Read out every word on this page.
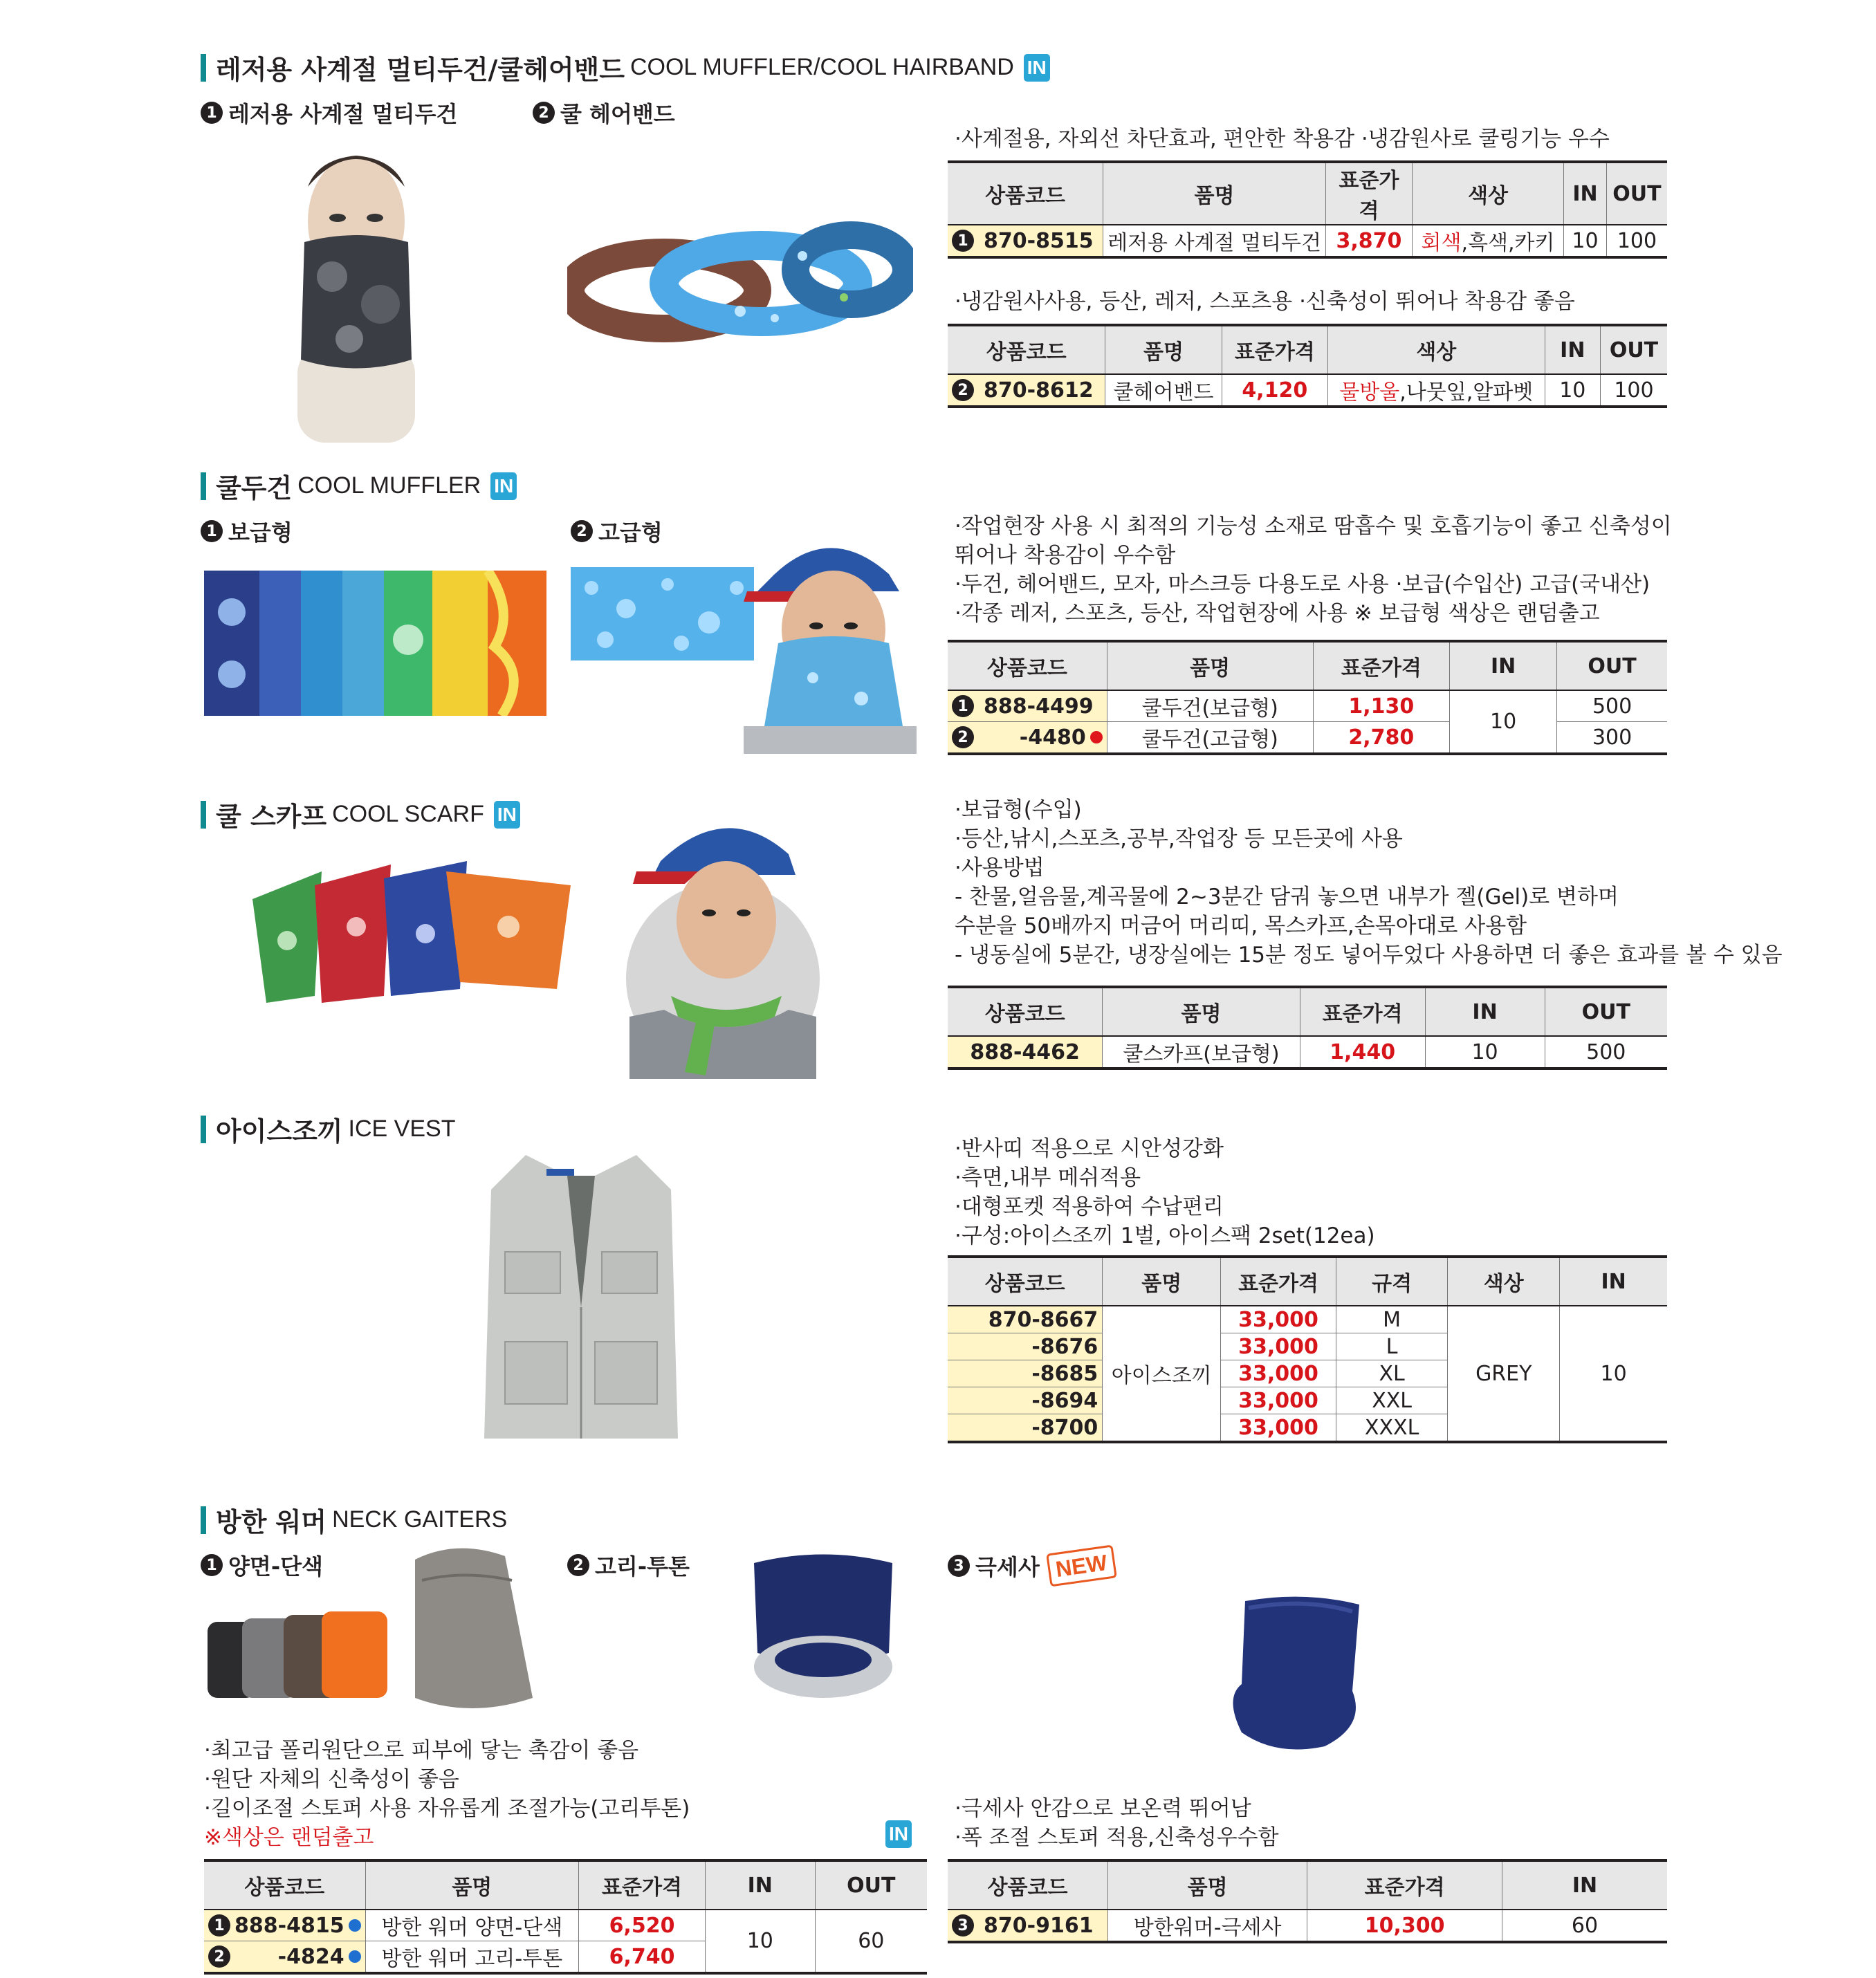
레저용 사계절 멀티두건/쿨헤어밴드 COOL MUFFLER/COOL HAIRBAND IN
1 레저용 사계절 멀티두건	2 쿨 헤어밴드
·사계절용, 자외선 차단효과, 편안한 착용감 ·냉감원사로 쿨링기능 우수
상품코드	품명	표준가격	색상	IN	OUT

1 870-8515	레저용 사계절 멀티두건	3,870	회색,흑색,카키	10	100
·냉감원사사용, 등산, 레저, 스포츠용 ·신축성이 뛰어나 착용감 좋음
상품코드	품명	표준가격	색상	IN	OUT

2 870-8612	쿨헤어밴드	4,120	물방울,나뭇잎,알파벳	10	100
쿨두건 COOL MUFFLER IN
1 보급형	2 고급형	·작업현장 사용 시 최적의 기능성 소재로 땀흡수 및 호흡기능이 좋고 신축성이
뛰어나 착용감이 우수함
·두건, 헤어밴드, 모자, 마스크등 다용도로 사용 ·보급(수입산) 고급(국내산)
·각종 레저, 스포츠, 등산, 작업현장에 사용 ※ 보급형 색상은 랜덤출고
상품코드	품명	표준가격	IN	OUT

1 888-4499	쿨두건(보급형)	1,130	10	500

2 -4480	쿨두건(고급형)	2,780		300
쿨 스카프 COOL SCARF IN	·보급형(수입)
·등산,낚시,스포츠,공부,작업장 등 모든곳에 사용
·사용방법
- 찬물,얼음물,계곡물에 2~3분간 담궈 놓으면 내부가 젤(Gel)로 변하며
수분을 50배까지 머금어 머리띠, 목스카프,손목아대로 사용함
- 냉동실에 5분간, 냉장실에는 15분 정도 넣어두었다 사용하면 더 좋은 효과를 볼 수 있음
상품코드	품명	표준가격	IN	OUT
888-4462	쿨스카프(보급형)	1,440	10	500
아이스조끼 ICE VEST
·반사띠 적용으로 시안성강화
·측면,내부 메쉬적용
·대형포켓 적용하여 수납편리
·구성:아이스조끼 1벌, 아이스팩 2set(12ea)
상품코드	품명	표준가격	규격	색상	IN
870-8667	아이스조끼	33,000	M	GREY	10
-8676		33,000	L		
-8685		33,000	XL		
-8694		33,000	XXL		
-8700		33,000	XXXL		
방한 워머 NECK GAITERS
1 양면-단색	2 고리-투톤	3 극세사 NEW
·최고급 폴리원단으로 피부에 닿는 촉감이 좋음
·원단 자체의 신축성이 좋음
·길이조절 스토퍼 사용 자유롭게 조절가능(고리투톤)
※색상은 랜덤출고	IN
·극세사 안감으로 보온력 뛰어남
·폭 조절 스토퍼 적용,신축성우수함
상품코드	품명	표준가격	IN	OUT

1 888-4815	방한 워머 양면-단색	6,520	10	60

2 -4824	방한 워머 고리-투톤	6,740		
상품코드	품명	표준가격	IN

3 870-9161	방한워머-극세사	10,300	60
